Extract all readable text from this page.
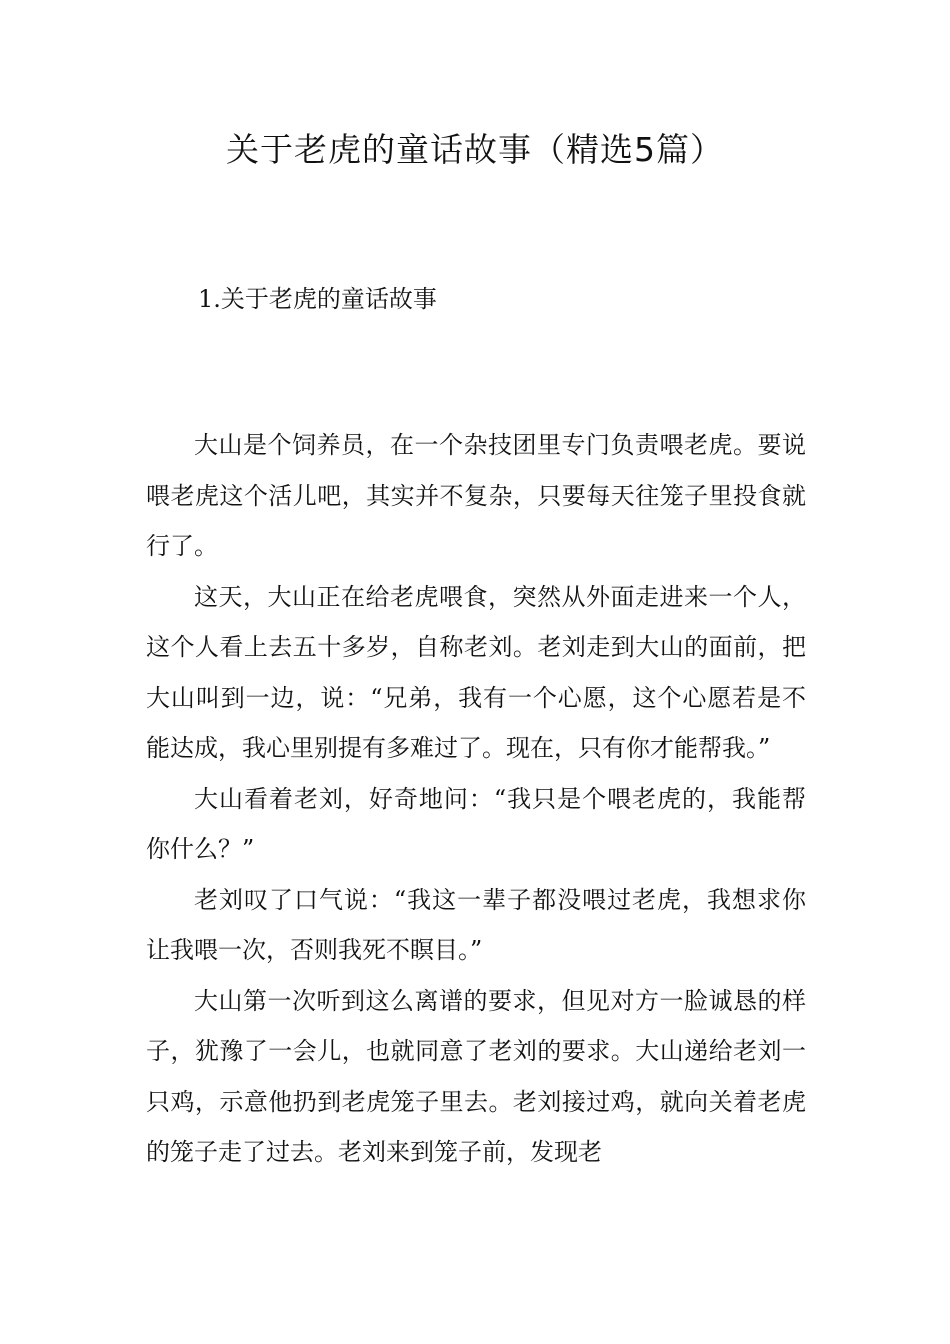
关于老虎的童话故事（精选5篇）
1.关于老虎的童话故事

大山是个饲养员，在一个杂技团里专门负责喂老虎。要说喂老虎这个活儿吧，其实并不复杂，只要每天往笼子里投食就行了。

这天，大山正在给老虎喂食，突然从外面走进来一个人，这个人看上去五十多岁，自称老刘。老刘走到大山的面前，把大山叫到一边，说：“兄弟，我有一个心愿，这个心愿若是不能达成，我心里别提有多难过了。现在，只有你才能帮我。”

大山看着老刘，好奇地问：“我只是个喂老虎的，我能帮你什么？”

老刘叹了口气说：“我这一辈子都没喂过老虎，我想求你让我喂一次，否则我死不瞑目。”

大山第一次听到这么离谱的要求，但见对方一脸诚恳的样子，犹豫了一会儿，也就同意了老刘的要求。大山递给老刘一只鸡，示意他扔到老虎笼子里去。老刘接过鸡，就向关着老虎的笼子走了过去。老刘来到笼子前，发现老
